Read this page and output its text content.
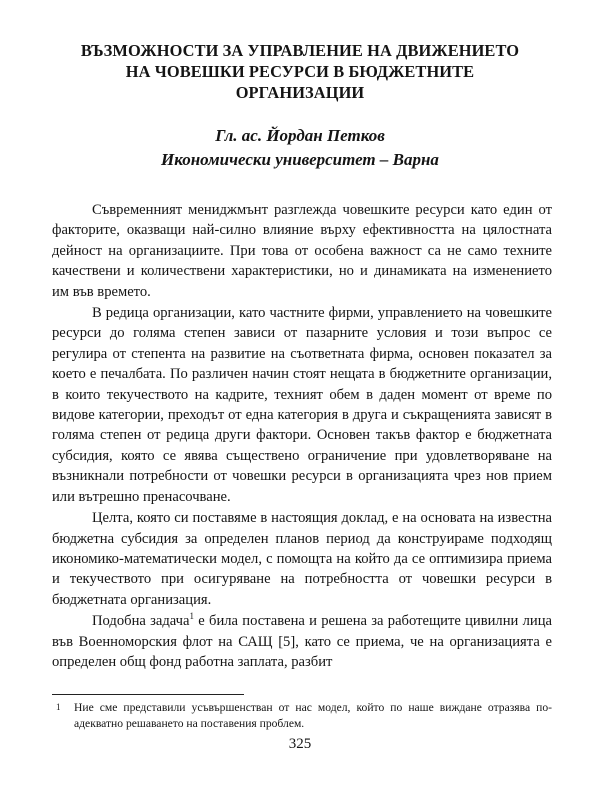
ВЪЗМОЖНОСТИ ЗА УПРАВЛЕНИЕ НА ДВИЖЕНИЕТО
НА ЧОВЕШКИ РЕСУРСИ В БЮДЖЕТНИТЕ
ОРГАНИЗАЦИИ
Гл. ас. Йордан Петков
Икономически университет – Варна

Съвременният мениджмънт разглежда човешките ресурси като един от факторите, оказващи най-силно влияние върху ефективността на цялостната дейност на организациите. При това от особена важност са не само техните качествени и количествени характеристики, но и динамиката на изменението им във времето.

В редица организации, като частните фирми, управлението на човешките ресурси до голяма степен зависи от пазарните условия и този въпрос се регулира от степента на развитие на съответната фирма, основен показател за което е печалбата. По различен начин стоят нещата в бюджетните организации, в които текучеството на кадрите, техният обем в даден момент от време по видове категории, преходът от една категория в друга и съкращенията зависят в голяма степен от редица други фактори. Основен такъв фактор е бюджетната субсидия, която се явява съществено ограничение при удовлетворяване на възникнали потребности от човешки ресурси в организацията чрез нов прием или вътрешно пренасочване.

Целта, която си поставяме в настоящия доклад, е на основата на известна бюджетна субсидия за определен планов период да конструираме подходящ икономико-математически модел, с помощта на който да се оптимизира приема и текучеството при осигуряване на потребността от човешки ресурси в бюджетната организация.

Подобна задача$^1$ е била поставена и решена за работещите цивилни лица във Военноморския флот на САЩ [5], като се приема, че на организацията е определен общ фонд работна заплата, разбит

1	Ние сме представили усъвършенстван от нас модел, който по наше виждане отразява по-адекватно решаването на поставения проблем.
325
